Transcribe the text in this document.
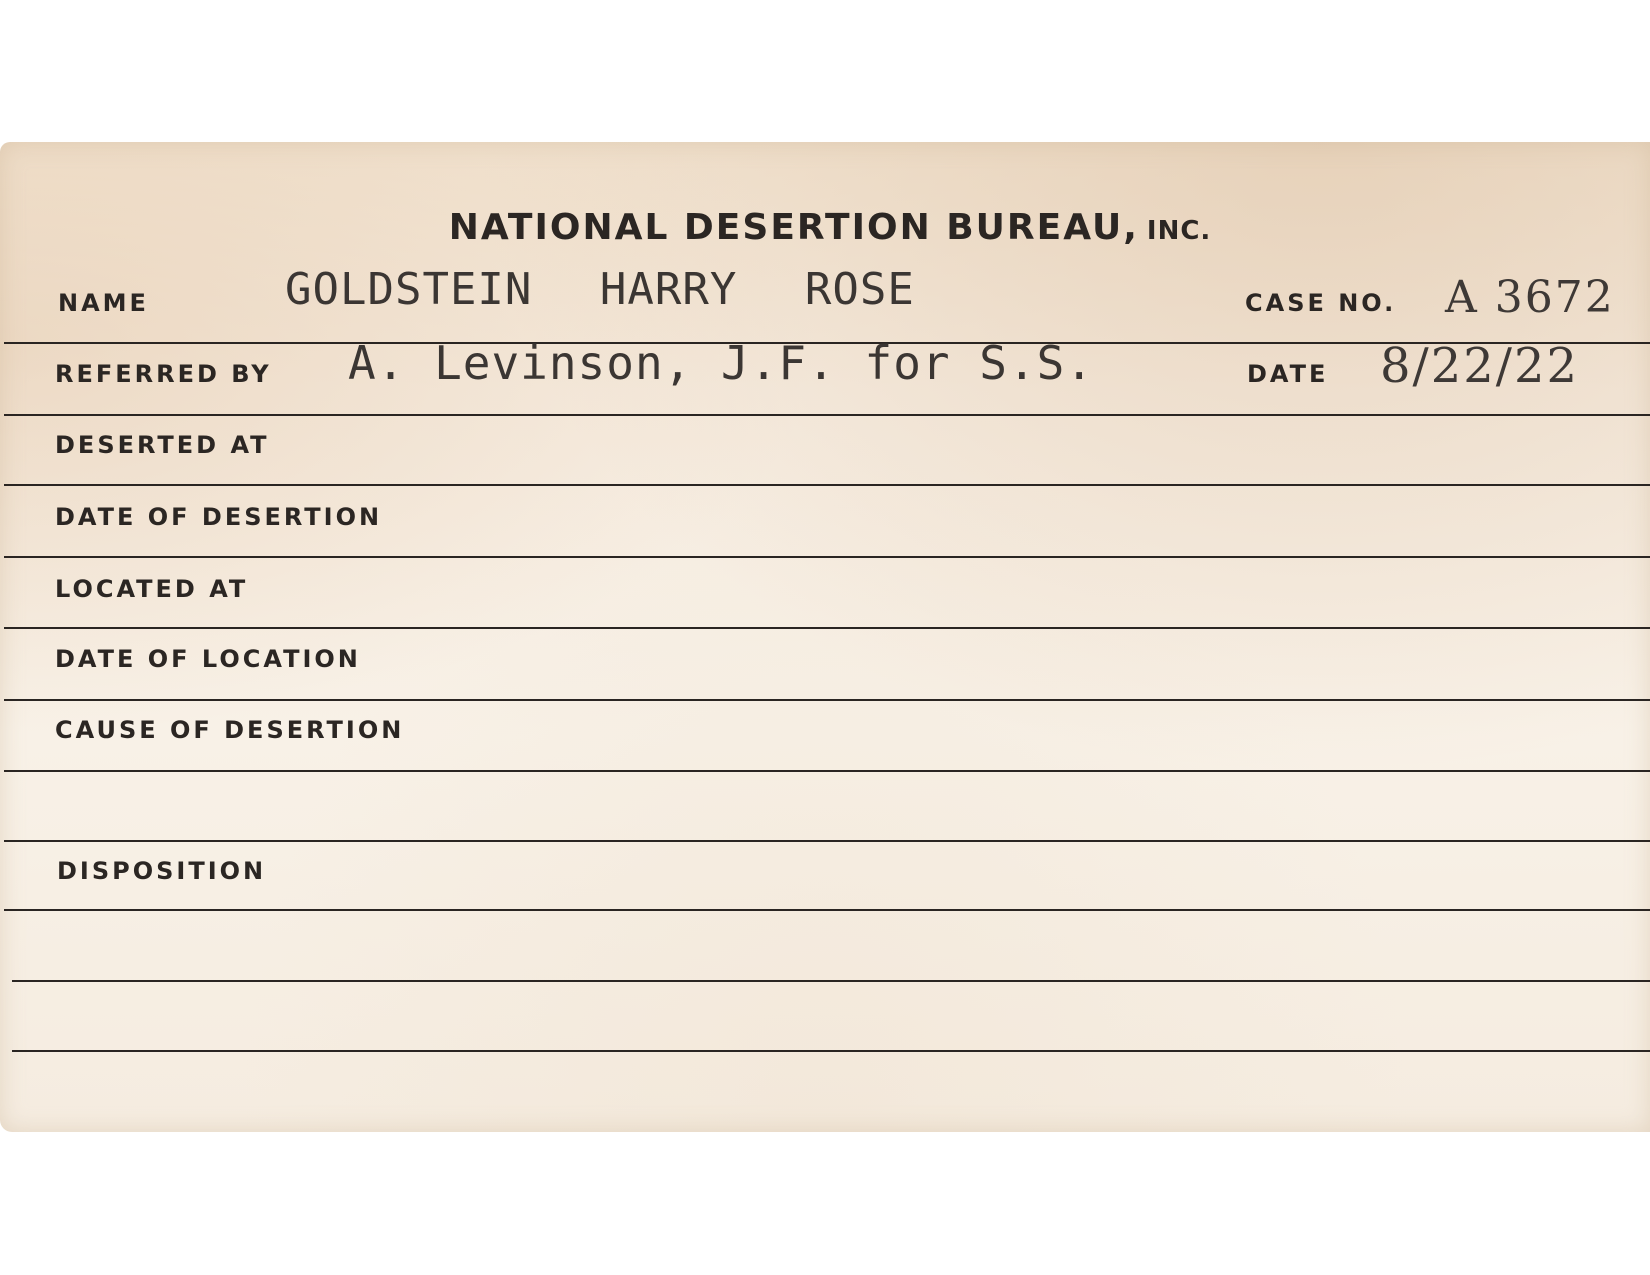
NATIONAL DESERTION BUREAU, INC.
NAME	GOLDSTEIN HARRY ROSE	CASE NO. A 3672
REFERRED BY A. Levinson, J.F. for S.S.	DATE 8/22/22
DESERTED AT
DATE OF DESERTION
LOCATED AT
DATE OF LOCATION
CAUSE OF DESERTION
DISPOSITION
